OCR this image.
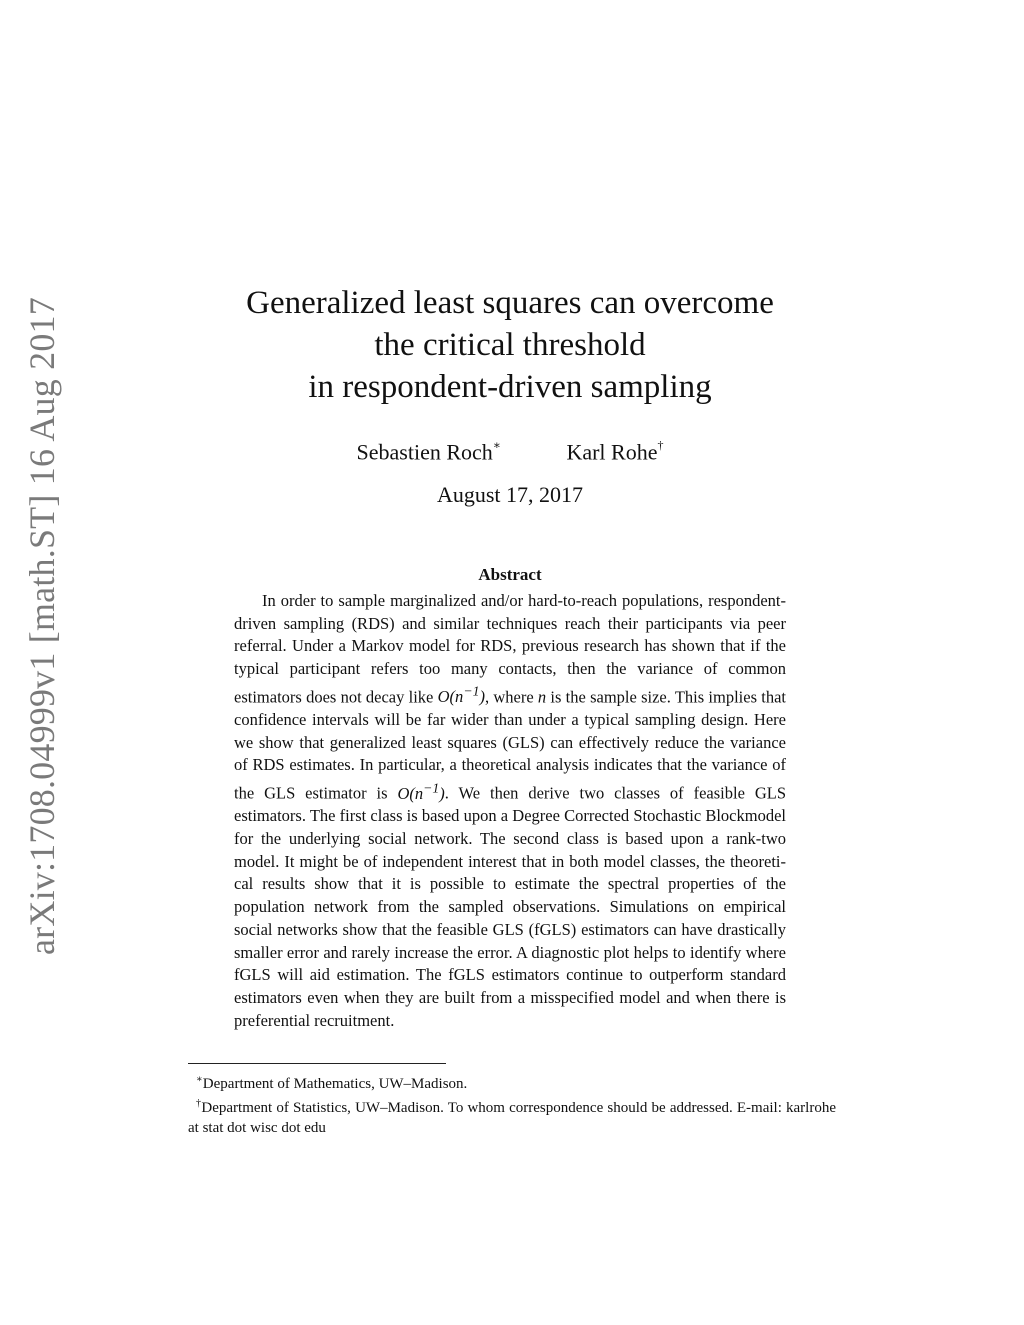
arXiv:1708.04999v1 [math.ST] 16 Aug 2017	Generalized least squares can overcome
the critical threshold
in respondent-driven sampling
Sebastien Roch∗	Karl Rohe†
August 17, 2017
Abstract
In order to sample marginalized and/or hard-to-reach populations, respondent-driven sampling (RDS) and similar techniques reach their participants via peer referral. Under a Markov model for RDS, previous research has shown that if the typical participant refers too many contacts, then the variance of common estimators does not decay like $O(n^{-1})$, where n is the sample size. This implies that confidence intervals will be far wider than under a typical sampling design. Here we show that generalized least squares (GLS) can effectively reduce the variance of RDS estimates. In particular, a theoretical analysis indicates that the variance of the GLS estimator is $O(n^{-1})$. We then derive two classes of feasible GLS estimators. The first class is based upon a Degree Corrected Stochastic Blockmodel for the underlying social network. The second class is based upon a rank-two model. It might be of independent interest that in both model classes, the theoretical results show that it is possible to estimate the spectral properties of the population network from the sampled observations. Simulations on empirical social networks show that the feasible GLS (fGLS) estimators can have drastically smaller error and rarely increase the error. A diagnostic plot helps to identify where fGLS will aid estimation. The fGLS estimators continue to outperform standard estimators even when they are built from a misspecified model and when there is preferential recruitment.
∗Department of Mathematics, UW–Madison.
†Department of Statistics, UW–Madison. To whom correspondence should be addressed. E-mail: karlrohe at stat dot wisc dot edu
